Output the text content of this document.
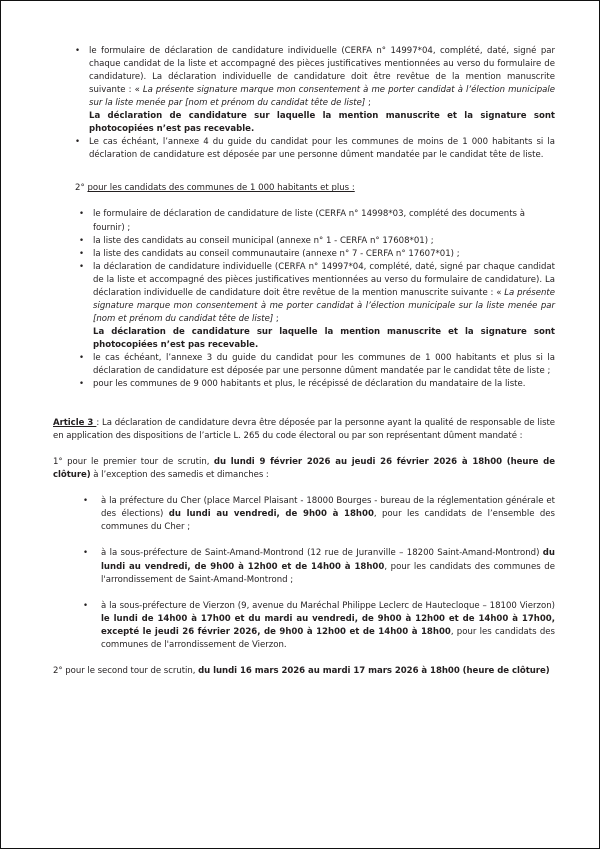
• le formulaire de déclaration de candidature individuelle (CERFA n° 14997*04, complété, daté, signé par chaque candidat de la liste et accompagné des pièces justificatives mentionnées au verso du formulaire de candidature). La déclaration individuelle de candidature doit être revêtue de la mention manuscrite suivante : « La présente signature marque mon consentement à me porter candidat à l’élection municipale sur la liste menée par [nom et prénom du candidat tête de liste] ;

La déclaration de candidature sur laquelle la mention manuscrite et la signature sont photocopiées n’est pas recevable.

• Le cas échéant, l’annexe 4 du guide du candidat pour les communes de moins de 1 000 habitants si la déclaration de candidature est déposée par une personne dûment mandatée par le candidat tête de liste.

2° pour les candidats des communes de 1 000 habitants et plus :

• le formulaire de déclaration de candidature de liste (CERFA n° 14998*03, complété des documents à fournir) ;
• la liste des candidats au conseil municipal (annexe n° 1 - CERFA n° 17608*01) ;
• la liste des candidats au conseil communautaire (annexe n° 7 - CERFA n° 17607*01) ;
• la déclaration de candidature individuelle (CERFA n° 14997*04, complété, daté, signé par chaque candidat de la liste et accompagné des pièces justificatives mentionnées au verso du formulaire de candidature). La déclaration individuelle de candidature doit être revêtue de la mention manuscrite suivante : « La présente signature marque mon consentement à me porter candidat à l’élection municipale sur la liste menée par [nom et prénom du candidat tête de liste] ;

La déclaration de candidature sur laquelle la mention manuscrite et la signature sont photocopiées n’est pas recevable.

• le cas échéant, l’annexe 3 du guide du candidat pour les communes de 1 000 habitants et plus si la déclaration de candidature est déposée par une personne dûment mandatée par le candidat tête de liste ;
• pour les communes de 9 000 habitants et plus, le récépissé de déclaration du mandataire de la liste.

Article 3 : La déclaration de candidature devra être déposée par la personne ayant la qualité de responsable de liste en application des dispositions de l’article L. 265 du code électoral ou par son représentant dûment mandaté :

1° pour le premier tour de scrutin, du lundi 9 février 2026 au jeudi 26 février 2026 à 18h00 (heure de clôture) à l’exception des samedis et dimanches :

• à la préfecture du Cher (place Marcel Plaisant - 18000 Bourges - bureau de la réglementation générale et des élections) du lundi au vendredi, de 9h00 à 18h00, pour les candidats de l’ensemble des communes du Cher ;
• à la sous-préfecture de Saint-Amand-Montrond (12 rue de Juranville – 18200 Saint-Amand-Montrond) du lundi au vendredi, de 9h00 à 12h00 et de 14h00 à 18h00, pour les candidats des communes de l'arrondissement de Saint-Amand-Montrond ;
• à la sous-préfecture de Vierzon (9, avenue du Maréchal Philippe Leclerc de Hautecloque – 18100 Vierzon) le lundi de 14h00 à 17h00 et du mardi au vendredi, de 9h00 à 12h00 et de 14h00 à 17h00, excepté le jeudi 26 février 2026, de 9h00 à 12h00 et de 14h00 à 18h00, pour les candidats des communes de l'arrondissement de Vierzon.

2° pour le second tour de scrutin, du lundi 16 mars 2026 au mardi 17 mars 2026 à 18h00 (heure de clôture)
